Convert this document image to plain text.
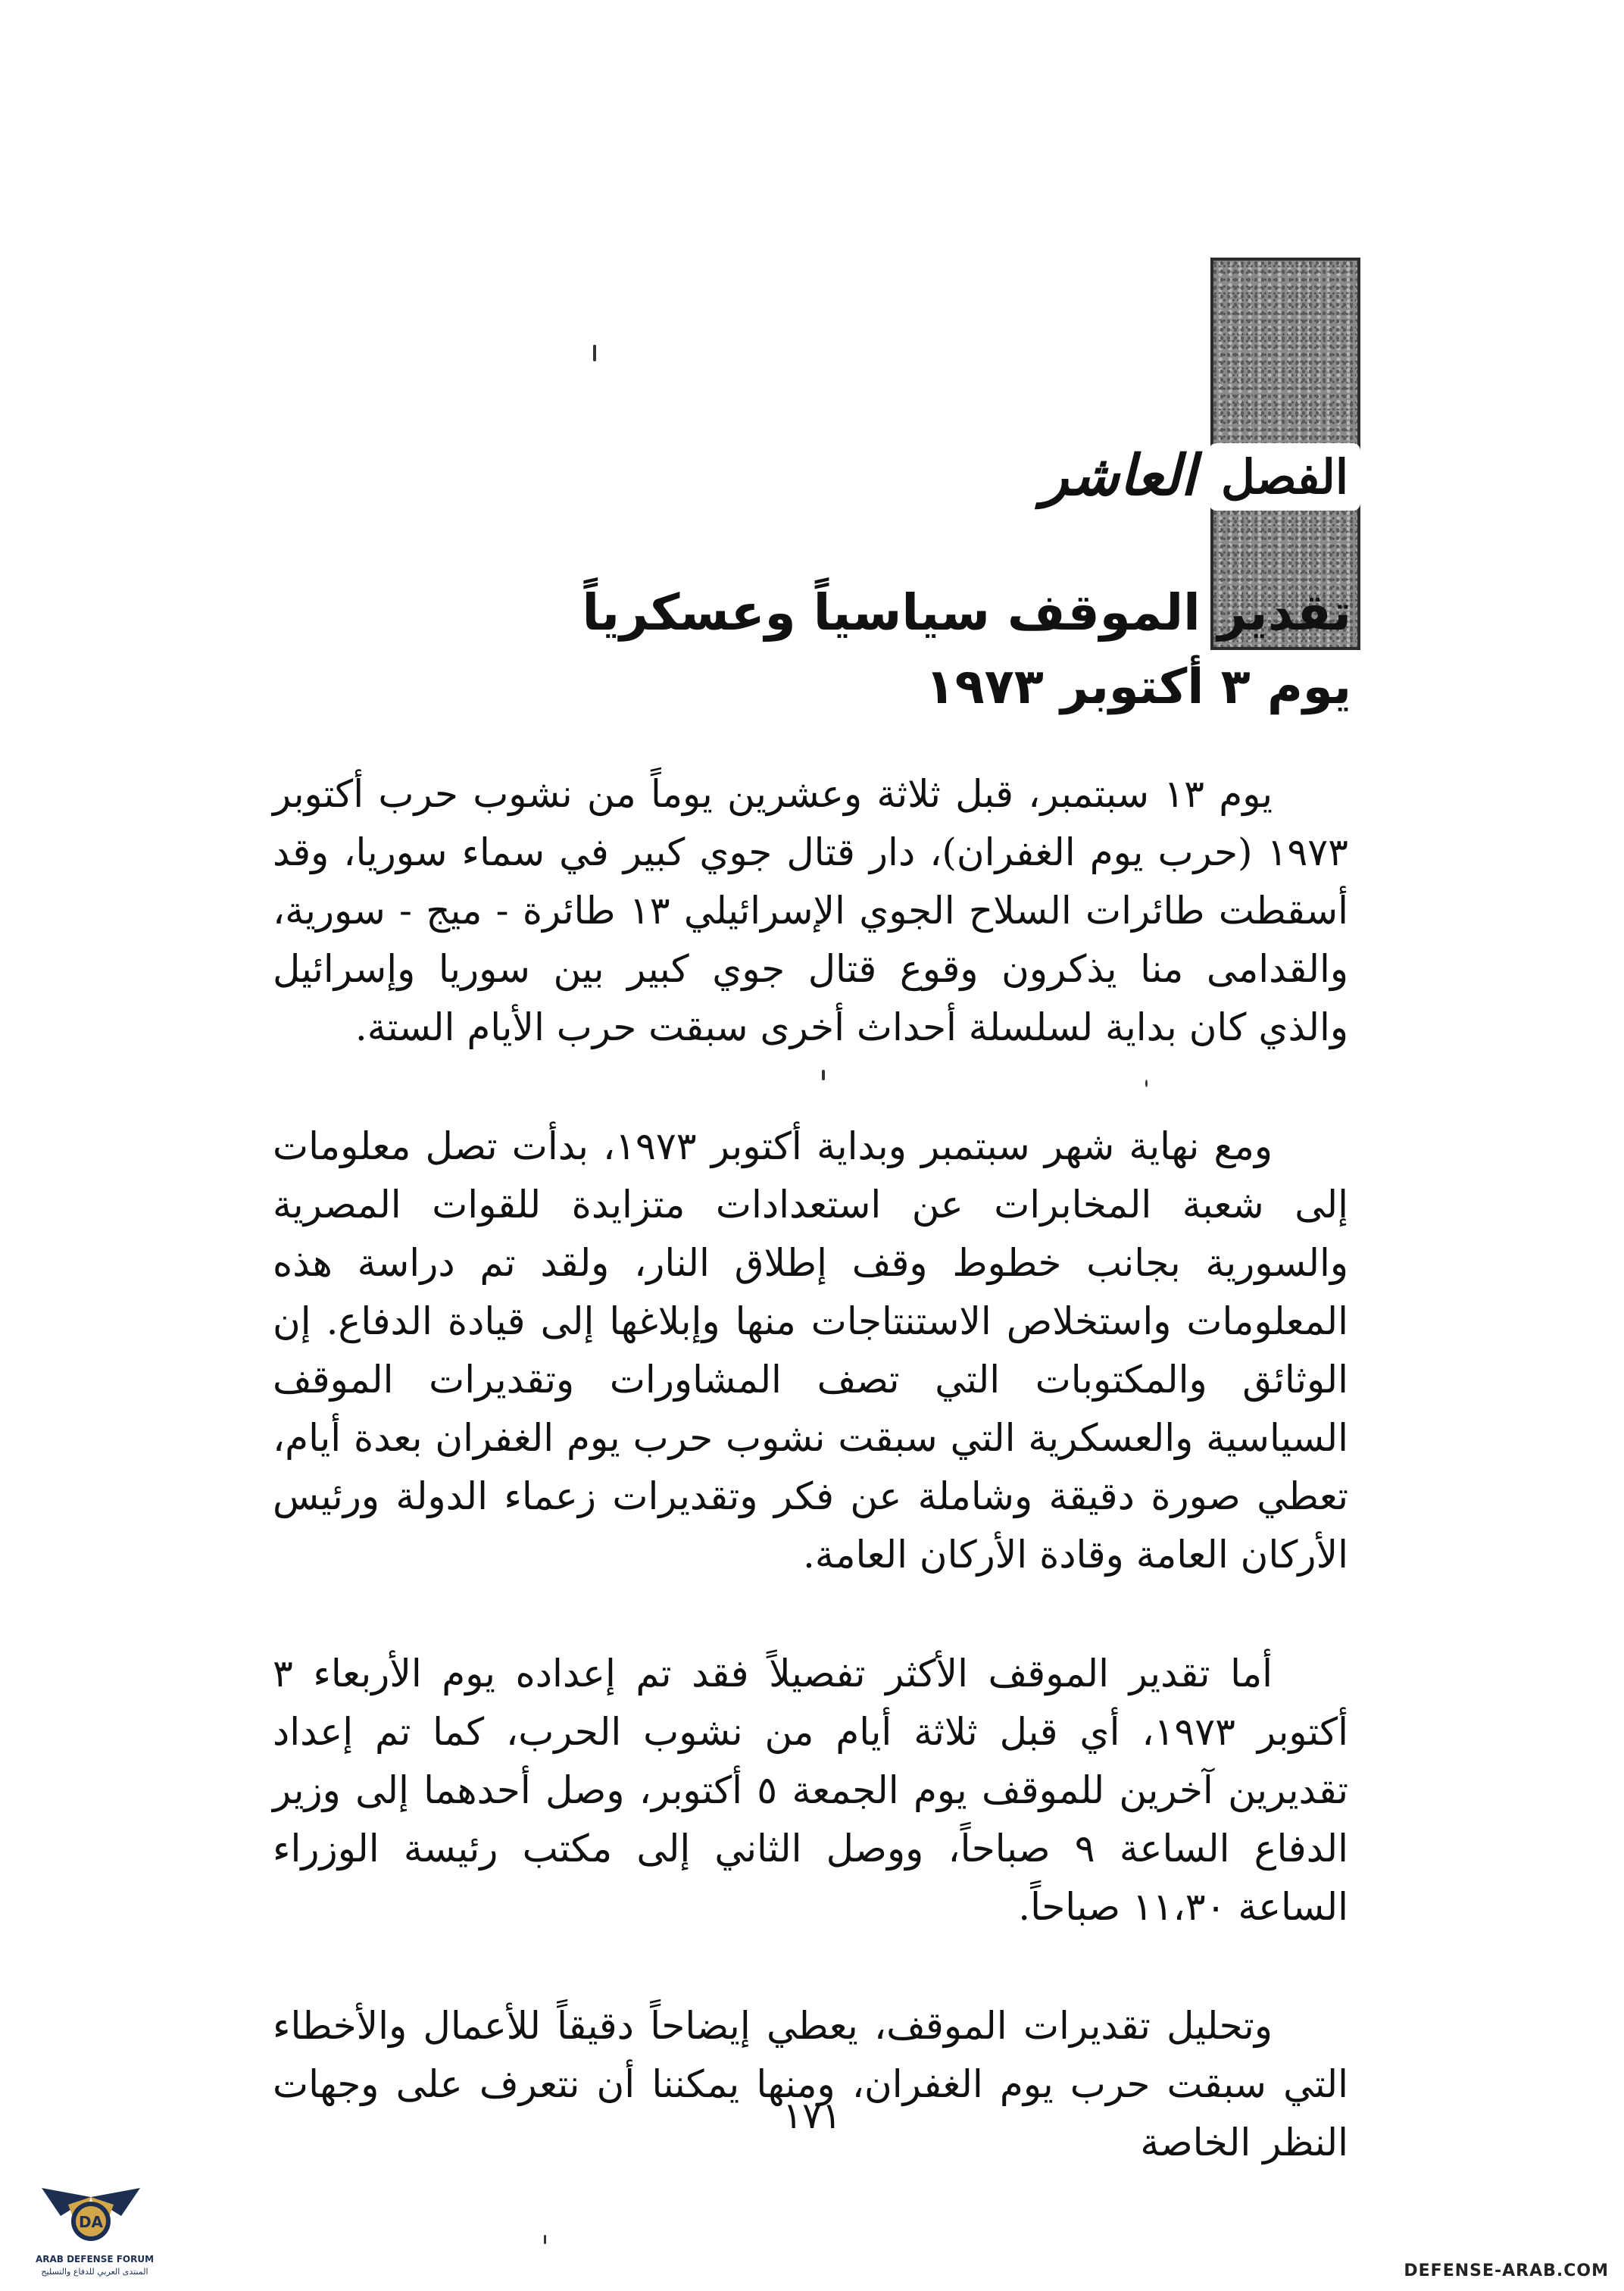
الفصل
العاشر
تقدير الموقف سياسياً وعسكرياً
يوم ٣ أكتوبر ١٩٧٣

يوم ١٣ سبتمبر، قبل ثلاثة وعشرين يوماً من نشوب حرب أكتوبر ١٩٧٣ (حرب يوم الغفران)، دار قتال جوي كبير في سماء سوريا، وقد أسقطت طائرات السلاح الجوي الإسرائيلي ١٣ طائرة - ميج - سورية، والقدامى منا يذكرون وقوع قتال جوي كبير بين سوريا وإسرائيل والذي كان بداية لسلسلة أحداث أخرى سبقت حرب الأيام الستة.

ومع نهاية شهر سبتمبر وبداية أكتوبر ١٩٧٣، بدأت تصل معلومات إلى شعبة المخابرات عن استعدادات متزايدة للقوات المصرية والسورية بجانب خطوط وقف إطلاق النار، ولقد تم دراسة هذه المعلومات واستخلاص الاستنتاجات منها وإبلاغها إلى قيادة الدفاع. إن الوثائق والمكتوبات التي تصف المشاورات وتقديرات الموقف السياسية والعسكرية التي سبقت نشوب حرب يوم الغفران بعدة أيام، تعطي صورة دقيقة وشاملة عن فكر وتقديرات زعماء الدولة ورئيس الأركان العامة وقادة الأركان العامة.

أما تقدير الموقف الأكثر تفصيلاً فقد تم إعداده يوم الأربعاء ٣ أكتوبر ١٩٧٣، أي قبل ثلاثة أيام من نشوب الحرب، كما تم إعداد تقديرين آخرين للموقف يوم الجمعة ٥ أكتوبر، وصل أحدهما إلى وزير الدفاع الساعة ٩ صباحاً، ووصل الثاني إلى مكتب رئيسة الوزراء الساعة ١١،٣٠ صباحاً.

وتحليل تقديرات الموقف، يعطي إيضاحاً دقيقاً للأعمال والأخطاء التي سبقت حرب يوم الغفران، ومنها يمكننا أن نتعرف على وجهات النظر الخاصة

١٧١
DA
ARAB DEFENSE FORUM
المنتدى العربي للدفاع والتسليح	DEFENSE-ARAB.COM
